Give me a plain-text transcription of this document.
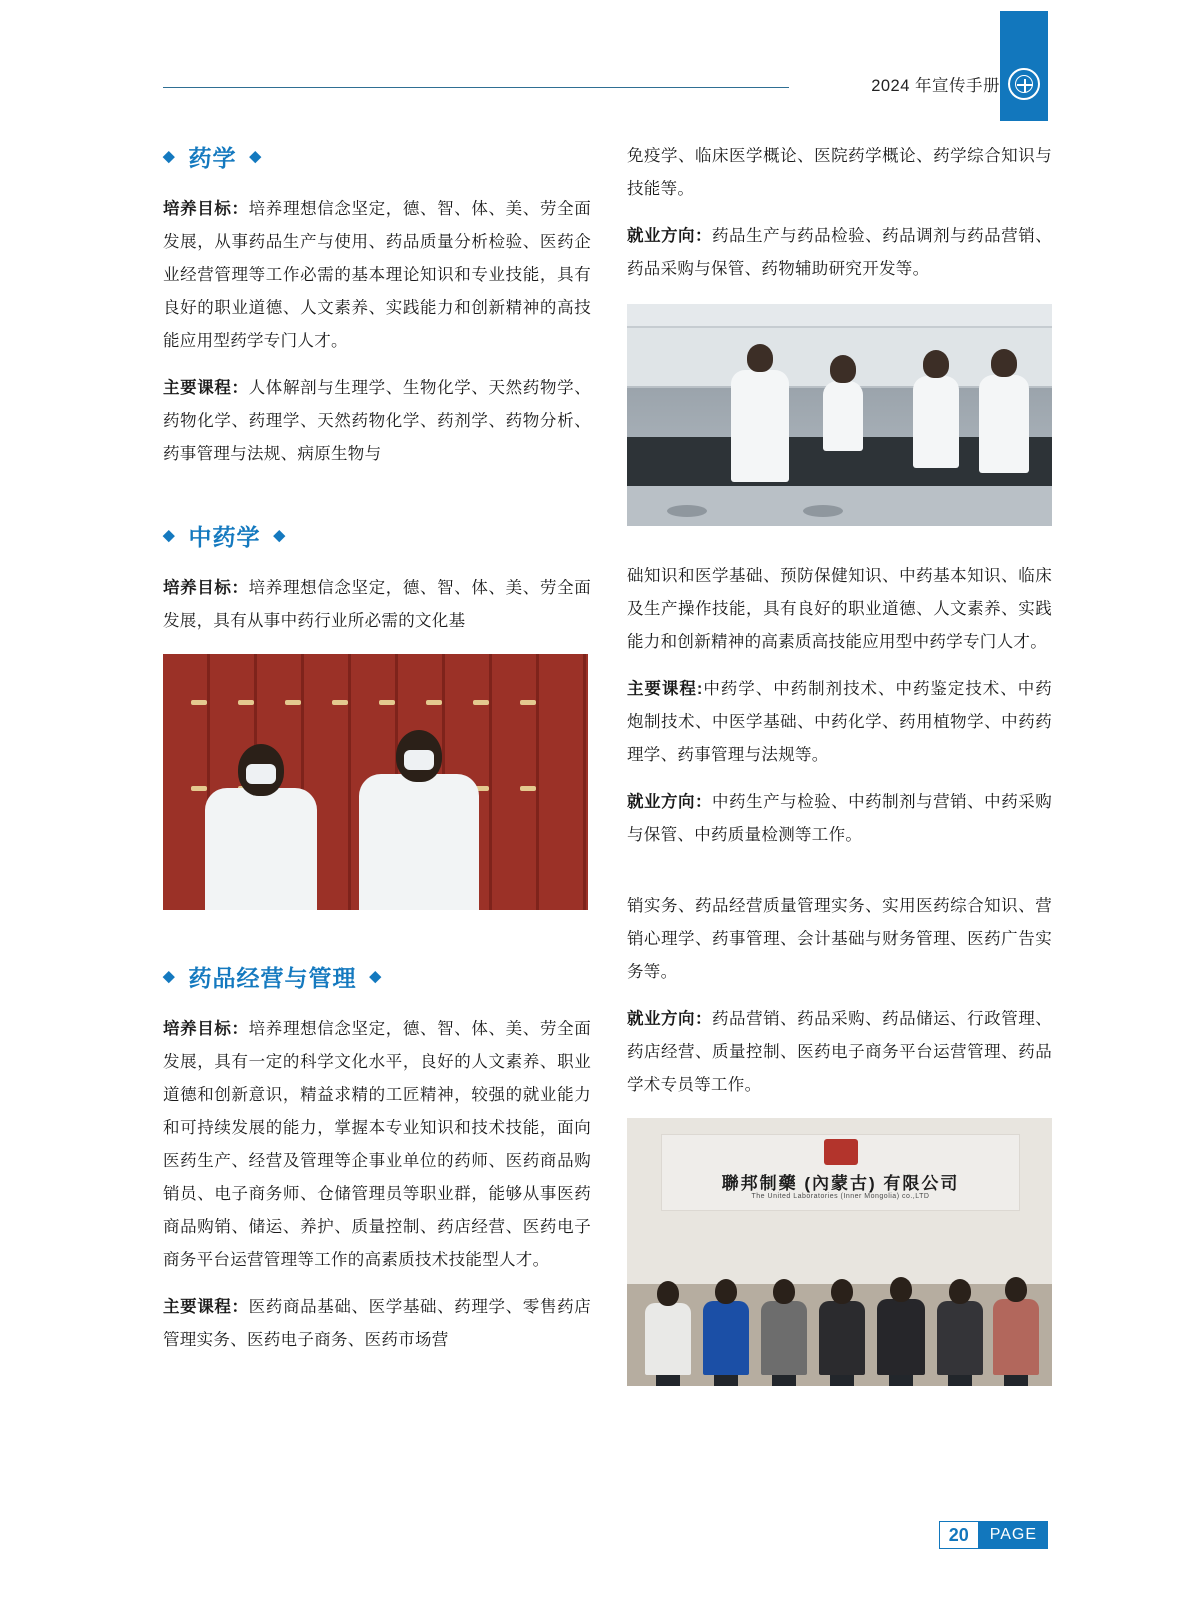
2024 年宣传手册
◆ 药学 ◆

培养目标：培养理想信念坚定，德、智、体、美、劳全面发展，从事药品生产与使用、药品质量分析检验、医药企业经营管理等工作必需的基本理论知识和专业技能，具有良好的职业道德、人文素养、实践能力和创新精神的高技能应用型药学专门人才。

主要课程：人体解剖与生理学、生物化学、天然药物学、药物化学、药理学、天然药物化学、药剂学、药物分析、药事管理与法规、病原生物与

◆ 中药学 ◆

培养目标：培养理想信念坚定，德、智、体、美、劳全面发展，具有从事中药行业所必需的文化基

◆ 药品经营与管理 ◆

培养目标：培养理想信念坚定，德、智、体、美、劳全面发展，具有一定的科学文化水平，良好的人文素养、职业道德和创新意识，精益求精的工匠精神，较强的就业能力和可持续发展的能力，掌握本专业知识和技术技能，面向医药生产、经营及管理等企事业单位的药师、医药商品购销员、电子商务师、仓储管理员等职业群，能够从事医药商品购销、储运、养护、质量控制、药店经营、医药电子商务平台运营管理等工作的高素质技术技能型人才。

主要课程：医药商品基础、医学基础、药理学、零售药店管理实务、医药电子商务、医药市场营

免疫学、临床医学概论、医院药学概论、药学综合知识与技能等。

就业方向：药品生产与药品检验、药品调剂与药品营销、药品采购与保管、药物辅助研究开发等。

础知识和医学基础、预防保健知识、中药基本知识、临床及生产操作技能，具有良好的职业道德、人文素养、实践能力和创新精神的高素质高技能应用型中药学专门人才。

主要课程:中药学、中药制剂技术、中药鉴定技术、中药炮制技术、中医学基础、中药化学、药用植物学、中药药理学、药事管理与法规等。

就业方向：中药生产与检验、中药制剂与营销、中药采购与保管、中药质量检测等工作。

销实务、药品经营质量管理实务、实用医药综合知识、营销心理学、药事管理、会计基础与财务管理、医药广告实务等。

就业方向：药品营销、药品采购、药品储运、行政管理、药店经营、质量控制、医药电子商务平台运营管理、药品学术专员等工作。

聯邦制藥 (內蒙古) 有限公司
The United Laboratories (Inner Mongolia) co.,LTD
20	PAGE
